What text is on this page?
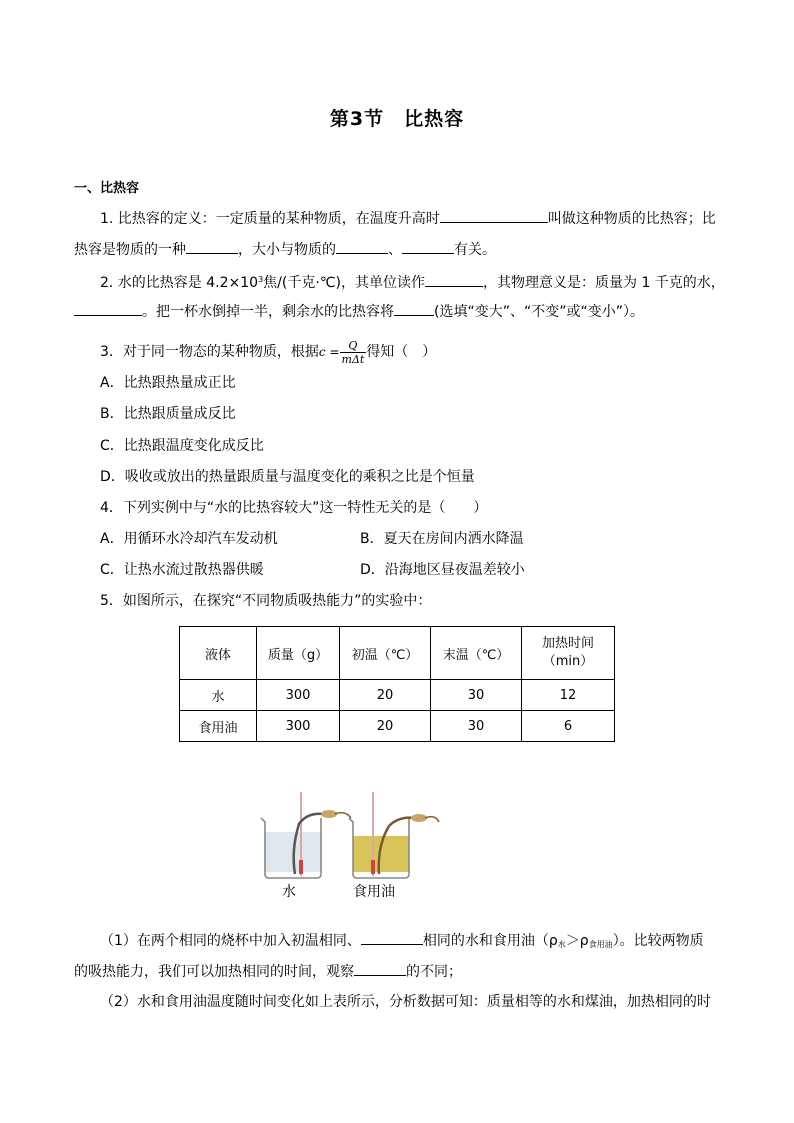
第3节　比热容
一、比热容
1. 比热容的定义：一定质量的某种物质，在温度升高时	叫做这种物质的比热容；比
热容是物质的一种	，大小与物质的	、	有关。
2. 水的比热容是 $4.2\times 10^3$焦/(千克·℃)，其单位读作	，其物理意义是：质量为 1 千克的水，
。把一杯水倒掉一半，剩余水的比热容将	(选填“变大”、“不变”或“变小”）。
3．对于同一物态的某种物质，根据$c = \frac{Q}{\text{mΔt}}$ 得知（　）
A．比热跟热量成正比
B．比热跟质量成反比
C．比热跟温度变化成反比
D．吸收或放出的热量跟质量与温度变化的乘积之比是个恒量
4．下列实例中与“水的比热容较大”这一特性无关的是（　　）
A．用循环水冷却汽车发动机	B．夏天在房间内洒水降温
C．让热水流过散热器供暖	D．沿海地区昼夜温差较小
5．如图所示，在探究“不同物质吸热能力”的实验中：
液体	质量（g）	初温（℃）	末温（℃）	加热时间
（min）

水	300	20	30	12
食用油	300	20	30	6
水	食用油
（1）在两个相同的烧杯中加入初温相同、	相同的水和食用油$(\rho_水>\rho_{食用油})$。比较两物质
的吸热能力，我们可以加热相同的时间，观察	的不同；
（2）水和食用油温度随时间变化如上表所示，分析数据可知：质量相等的水和煤油，加热相同的时
